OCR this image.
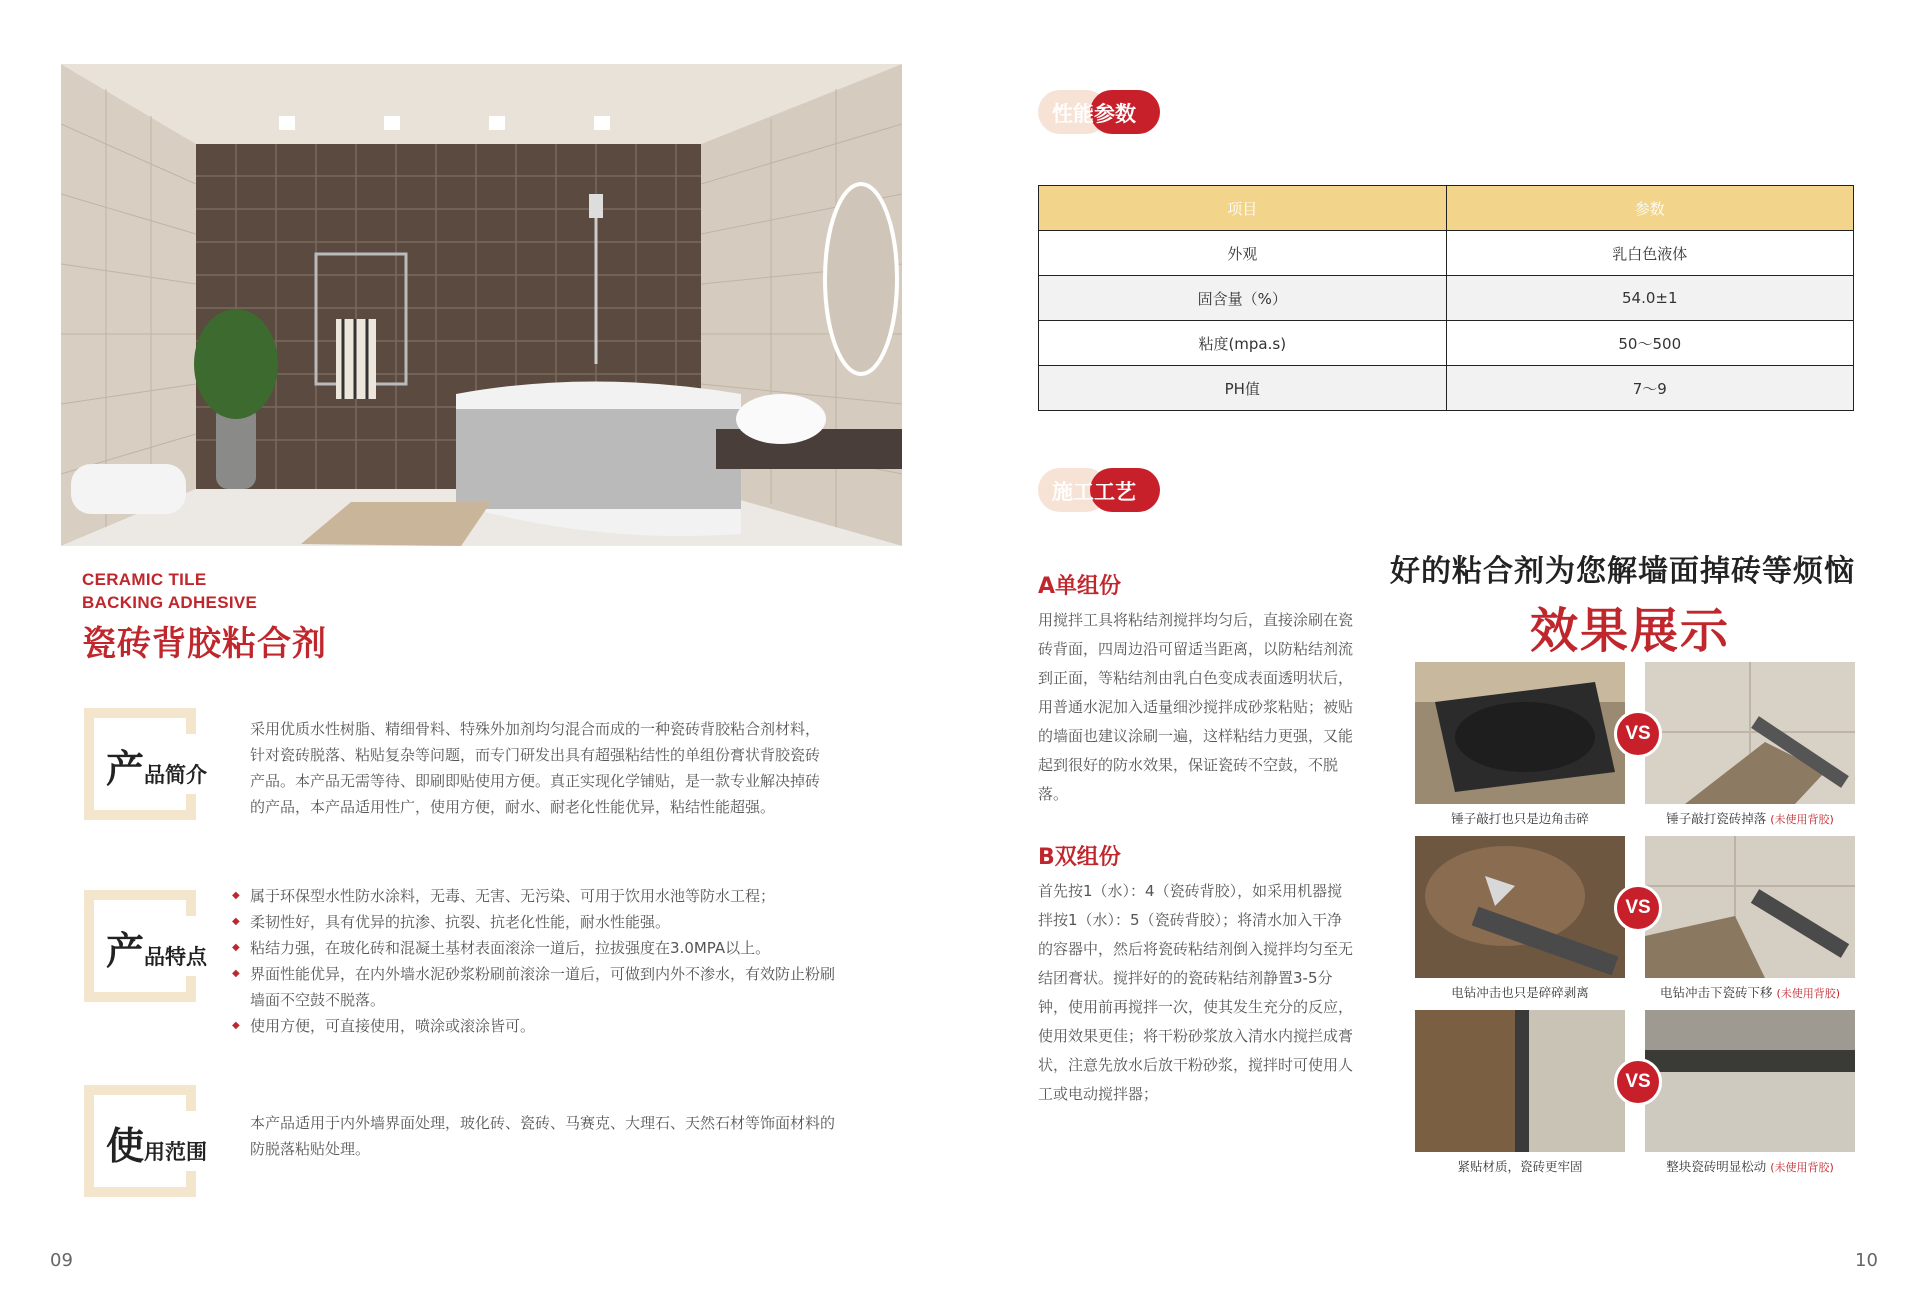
CERAMIC TILE
BACKING ADHESIVE
瓷砖背胶粘合剂
产品简介
采用优质水性树脂、精细骨料、特殊外加剂均匀混合而成的一种瓷砖背胶粘合剂材料，针对瓷砖脱落、粘贴复杂等问题，而专门研发出具有超强粘结性的单组份膏状背胶瓷砖产品。本产品无需等待、即刷即贴使用方便。真正实现化学铺贴，是一款专业解决掉砖的产品，本产品适用性广，使用方便，耐水、耐老化性能优异，粘结性能超强。
产品特点
◆ 属于环保型水性防水涂料，无毒、无害、无污染、可用于饮用水池等防水工程；
◆ 柔韧性好，具有优异的抗渗、抗裂、抗老化性能，耐水性能强。
◆ 粘结力强，在玻化砖和混凝土基材表面滚涂一道后，拉拔强度在3.0MPA以上。
◆ 界面性能优异，在内外墙水泥砂浆粉刷前滚涂一道后，可做到内外不渗水，有效防止粉刷墙面不空鼓不脱落。
◆ 使用方便，可直接使用，喷涂或滚涂皆可。
使用范围
本产品适用于内外墙界面处理，玻化砖、瓷砖、马赛克、大理石、天然石材等饰面材料的防脱落粘贴处理。
09
性能参数
项目	参数
外观	乳白色液体
固含量（%）	54.0±1
粘度(mpa.s)	50～500
PH值	7～9
施工工艺
A单组份
用搅拌工具将粘结剂搅拌均匀后，直接涂刷在瓷砖背面，四周边沿可留适当距离，以防粘结剂流到正面，等粘结剂由乳白色变成表面透明状后，用普通水泥加入适量细沙搅拌成砂浆粘贴；被贴的墙面也建议涂刷一遍，这样粘结力更强，又能起到很好的防水效果，保证瓷砖不空鼓，不脱落。
B双组份
首先按1（水）：4（瓷砖背胶），如采用机器搅拌按1（水）：5（瓷砖背胶）；将清水加入干净的容器中，然后将瓷砖粘结剂倒入搅拌均匀至无结团膏状。搅拌好的的瓷砖粘结剂静置3-5分钟，使用前再搅拌一次，使其发生充分的反应，使用效果更佳；将干粉砂浆放入清水内搅拦成膏状，注意先放水后放干粉砂浆，搅拌时可使用人工或电动搅拌器；
好的粘合剂为您解墙面掉砖等烦恼
效果展示
VS
锤子敲打也只是边角击碎	锤子敲打瓷砖掉落 (未使用背胶)
VS
电钻冲击也只是碎碎剥离	电钻冲击下瓷砖下移 (未使用背胶)
VS
紧贴材质，瓷砖更牢固	整块瓷砖明显松动 (未使用背胶)
10
